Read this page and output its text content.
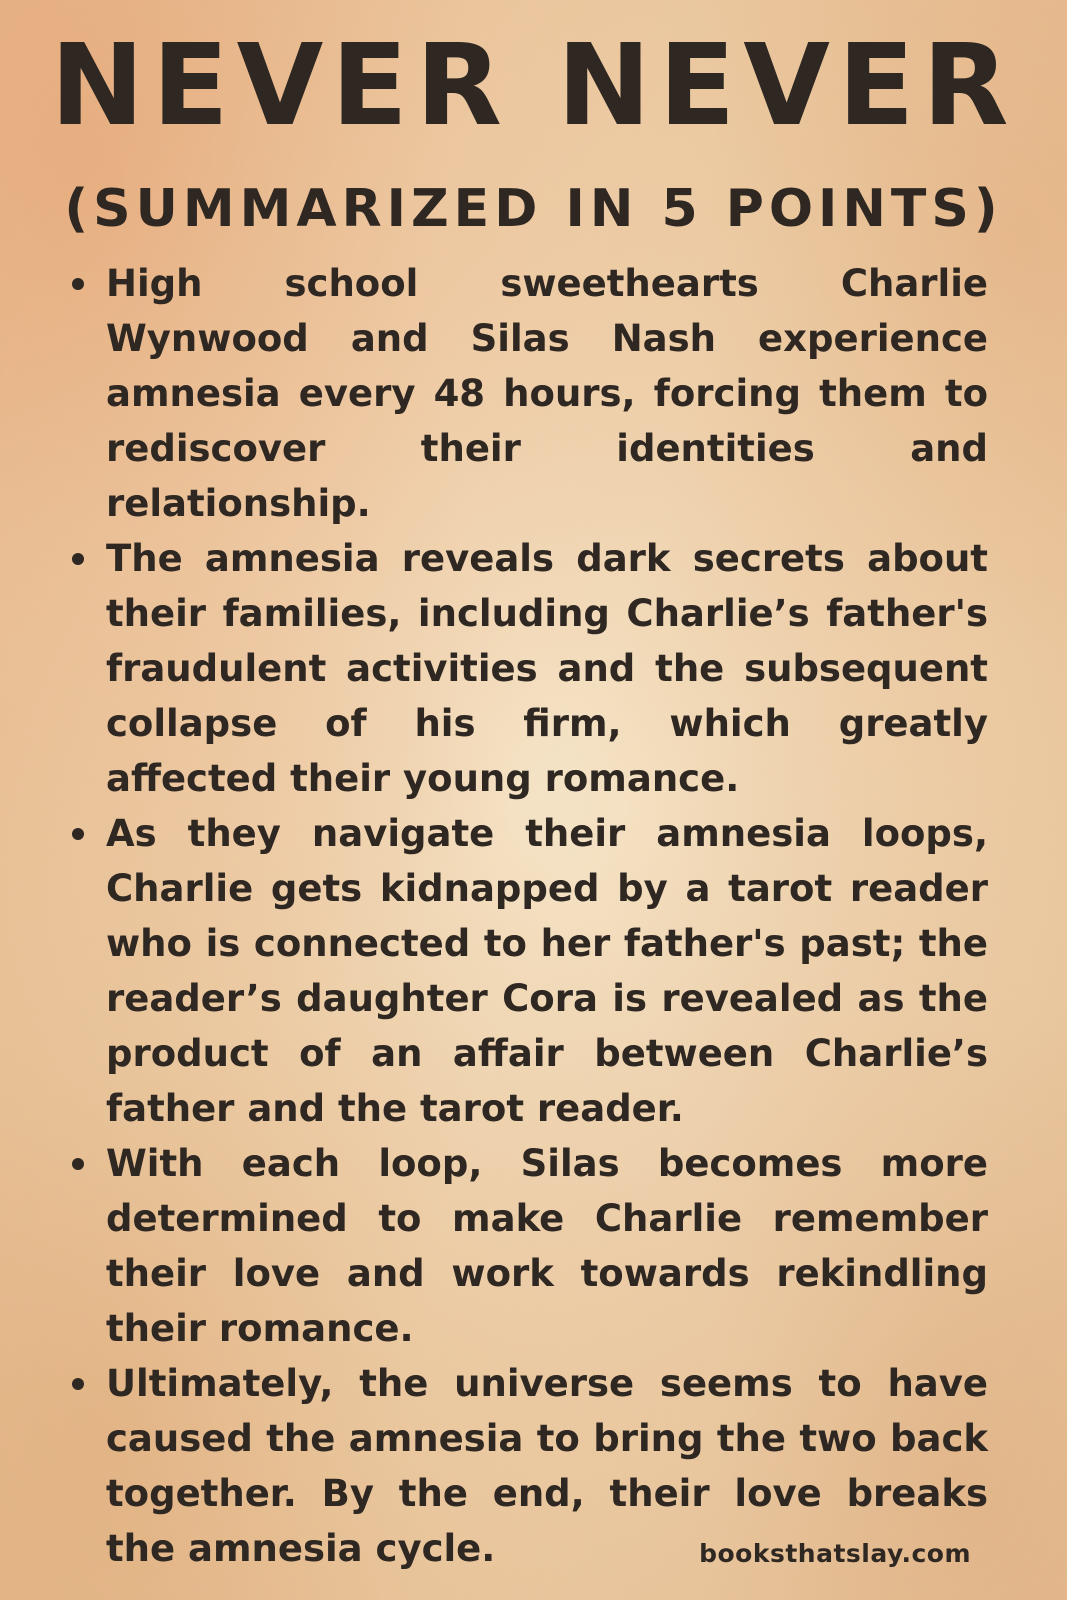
NEVER NEVER
(SUMMARIZED IN 5 POINTS)
High school sweethearts Charlie Wynwood and Silas Nash experience amnesia every 48 hours, forcing them to rediscover their identities and relationship.
The amnesia reveals dark secrets about their families, including Charlie’s father's fraudulent activities and the subsequent collapse of his firm, which greatly affected their young romance.
As they navigate their amnesia loops, Charlie gets kidnapped by a tarot reader who is connected to her father's past; the reader’s daughter Cora is revealed as the product of an affair between Charlie’s father and the tarot reader.
With each loop, Silas becomes more determined to make Charlie remember their love and work towards rekindling their romance.
Ultimately, the universe seems to have caused the amnesia to bring the two back together. By the end, their love breaks the amnesia cycle.	booksthatslay.com
